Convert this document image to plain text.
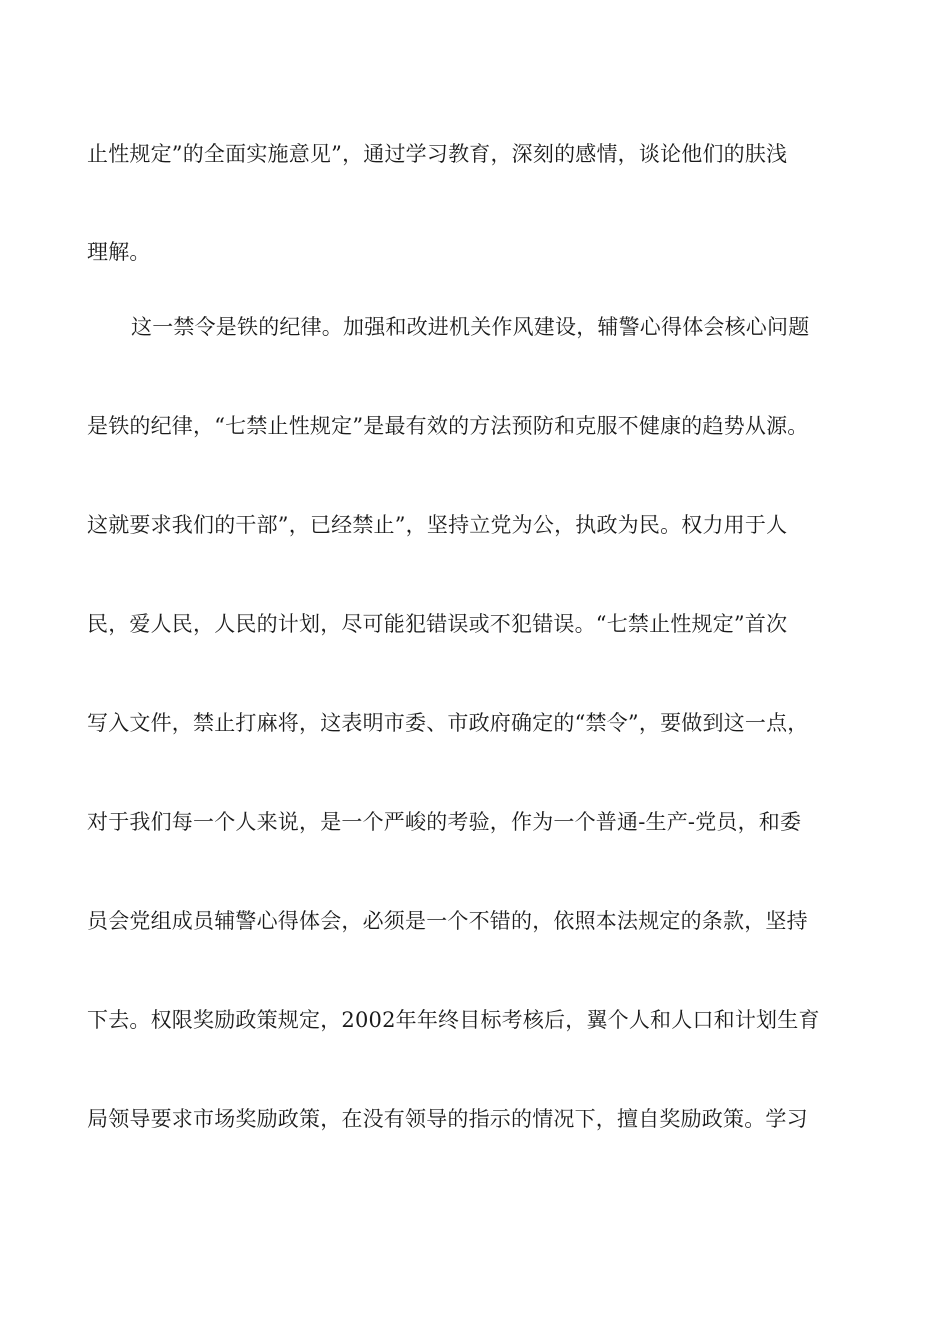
止性规定”的全面实施意见”，通过学习教育，深刻的感情，谈论他们的肤浅
理解。
这一禁令是铁的纪律。加强和改进机关作风建设，辅警心得体会核心问题
是铁的纪律，“七禁止性规定”是最有效的方法预防和克服不健康的趋势从源。
这就要求我们的干部”，已经禁止”，坚持立党为公，执政为民。权力用于人
民，爱人民，人民的计划，尽可能犯错误或不犯错误。“七禁止性规定”首次
写入文件，禁止打麻将，这表明市委、市政府确定的“禁令”，要做到这一点，
对于我们每一个人来说，是一个严峻的考验，作为一个普通-生产-党员，和委
员会党组成员辅警心得体会，必须是一个不错的，依照本法规定的条款，坚持
下去。权限奖励政策规定，2002年年终目标考核后，翼个人和人口和计划生育
局领导要求市场奖励政策，在没有领导的指示的情况下，擅自奖励政策。学习
